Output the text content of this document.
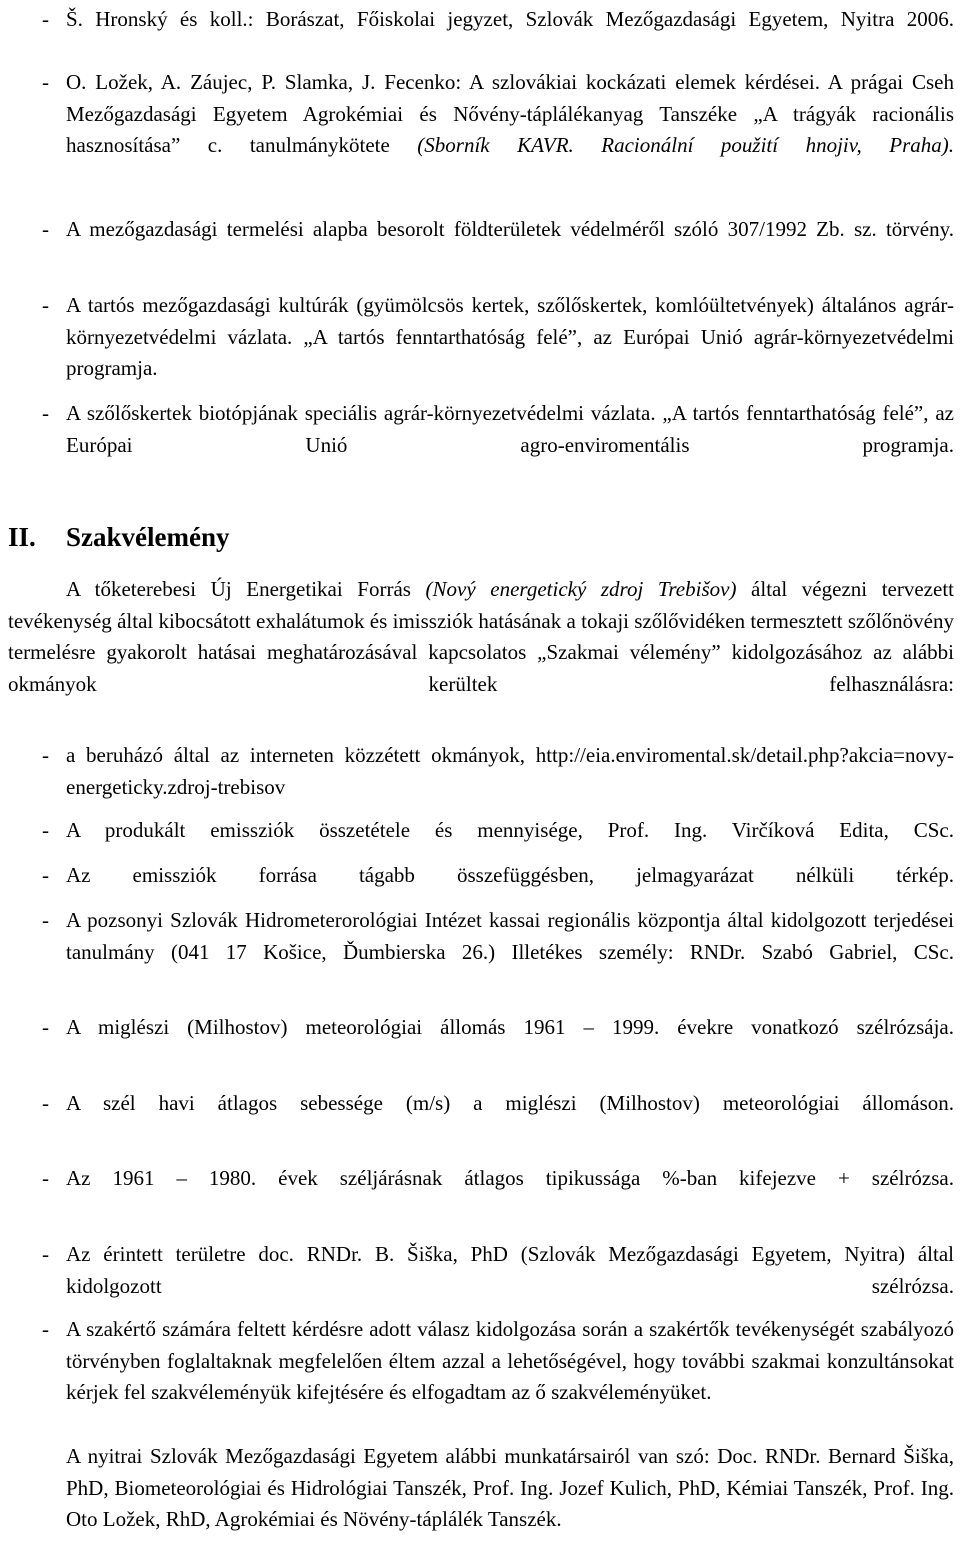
- Š. Hronský és koll.: Borászat, Főiskolai jegyzet, Szlovák Mezőgazdasági Egyetem, Nyitra 2006.
- O. Ložek, A. Záujec, P. Slamka, J. Fecenko: A szlovákiai kockázati elemek kérdései. A prágai Cseh Mezőgazdasági Egyetem Agrokémiai és Nővény-táplálékanyag Tanszéke „A trágyák racionális hasznosítása” c. tanulmánykötete (Sborník KAVR. Racionální použití hnojiv, Praha).
- A mezőgazdasági termelési alapba besorolt földterületek védelméről szóló 307/1992 Zb. sz. törvény.
- A tartós mezőgazdasági kultúrák (gyümölcsös kertek, szőlőskertek, komlóültetvények) általános agrár-környezetvédelmi vázlata. „A tartós fenntarthatóság felé”, az Európai Unió agrár-környezetvédelmi programja.
- A szőlőskertek biotópjának speciális agrár-környezetvédelmi vázlata. „A tartós fenntarthatóság felé”, az Európai Unió agro-enviromentális programja.
II. Szakvélemény
A tőketerebesi Új Energetikai Forrás (Nový energetický zdroj Trebišov) által végezni tervezett tevékenység által kibocsátott exhalátumok és imissziók hatásának a tokaji szőlővidéken termesztett szőlőnövény termelésre gyakorolt hatásai meghatározásával kapcsolatos „Szakmai vélemény” kidolgozásához az alábbi okmányok kerültek felhasználásra:
- a beruházó által az interneten közzétett okmányok, http://eia.enviromental.sk/detail.php?akcia=novy-energeticky.zdroj-trebisov
- A produkált emissziók összetétele és mennyisége, Prof. Ing. Virčíková Edita, CSc.
- Az emissziók forrása tágabb összefüggésben, jelmagyarázat nélküli térkép.
- A pozsonyi Szlovák Hidrometerorológiai Intézet kassai regionális központja által kidolgozott terjedései tanulmány (041 17 Košice, Ďumbierska 26.) Illetékes személy: RNDr. Szabó Gabriel, CSc.
- A miglészi (Milhostov) meteorológiai állomás 1961 – 1999. évekre vonatkozó szélrózsája.
- A szél havi átlagos sebessége (m/s) a miglészi (Milhostov) meteorológiai állomáson.
- Az 1961 – 1980. évek széljárásnak átlagos tipikussága %-ban kifejezve + szélrózsa.
- Az érintett területre doc. RNDr. B. Šiška, PhD (Szlovák Mezőgazdasági Egyetem, Nyitra) által kidolgozott szélrózsa.
- A szakértő számára feltett kérdésre adott válasz kidolgozása során a szakértők tevékenységét szabályozó törvényben foglaltaknak megfelelően éltem azzal a lehetőségével, hogy további szakmai konzultánsokat kérjek fel szakvéleményük kifejtésére és elfogadtam az ő szakvéleményüket.
A nyitrai Szlovák Mezőgazdasági Egyetem alábbi munkatársairól van szó: Doc. RNDr. Bernard Šiška, PhD, Biometeorológiai és Hidrológiai Tanszék, Prof. Ing. Jozef Kulich, PhD, Kémiai Tanszék, Prof. Ing. Oto Ložek, RhD, Agrokémiai és Növény-táplálék Tanszék.
